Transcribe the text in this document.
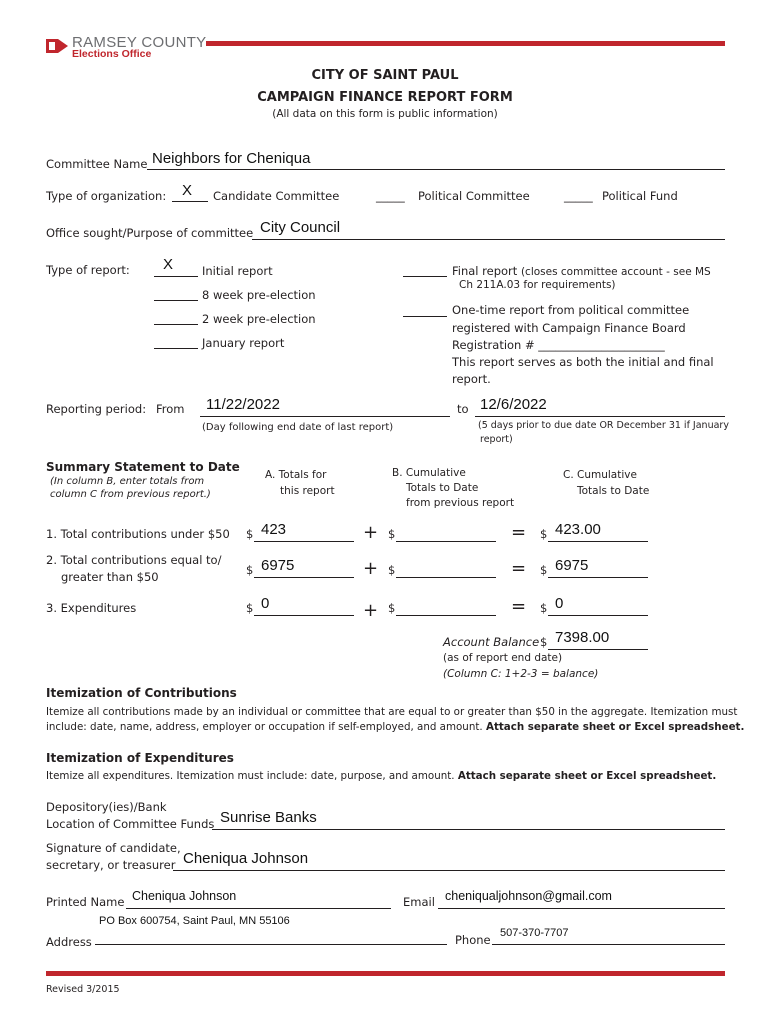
RAMSEY COUNTY
Elections Office
CITY OF SAINT PAUL
CAMPAIGN FINANCE REPORT FORM
(All data on this form is public information)
Committee Name Neighbors for Cheniqua
Type of organization: X Candidate Committee	_____ Political Committee	_____ Political Fund
Office sought/Purpose of committee City Council
Type of report: X	Initial report
8 week pre-election
2 week pre-election
January report
Final report (closes committee account - see MS
Ch 211A.03 for requirements)
One-time report from political committee
registered with Campaign Finance Board
Registration # ______________________
This report serves as both the initial and final
report.
Reporting period: From 11/22/2022
(Day following end date of last report)
to 12/6/2022
(5 days prior to due date OR December 31 if January
report)
Summary Statement to Date
(In column B, enter totals from
column C from previous report.)
A. Totals for
this report
B. Cumulative
Totals to Date
from previous report
C. Cumulative
Totals to Date
1. Total contributions under $50 $ 423	+ $	= $ 423.00
2. Total contributions equal to/
greater than $50	$ 6975	+ $	= $ 6975
3. Expenditures	$ 0	+ $	= $ 0
Account Balance $ 7398.00
(as of report end date)
(Column C: 1+2-3 = balance)
Itemization of Contributions
Itemize all contributions made by an individual or committee that are equal to or greater than $50 in the aggregate. Itemization must
include: date, name, address, employer or occupation if self-employed, and amount. Attach separate sheet or Excel spreadsheet.
Itemization of Expenditures
Itemize all expenditures. Itemization must include: date, purpose, and amount. Attach separate sheet or Excel spreadsheet.
Depository(ies)/Bank
Location of Committee Funds Sunrise Banks
Signature of candidate,
secretary, or treasurer Cheniqua Johnson
Printed Name Cheniqua Johnson	Email cheniqualjohnson@gmail.com
PO Box 600754, Saint Paul, MN 55106
Address	Phone 507-370-7707
Revised 3/2015
